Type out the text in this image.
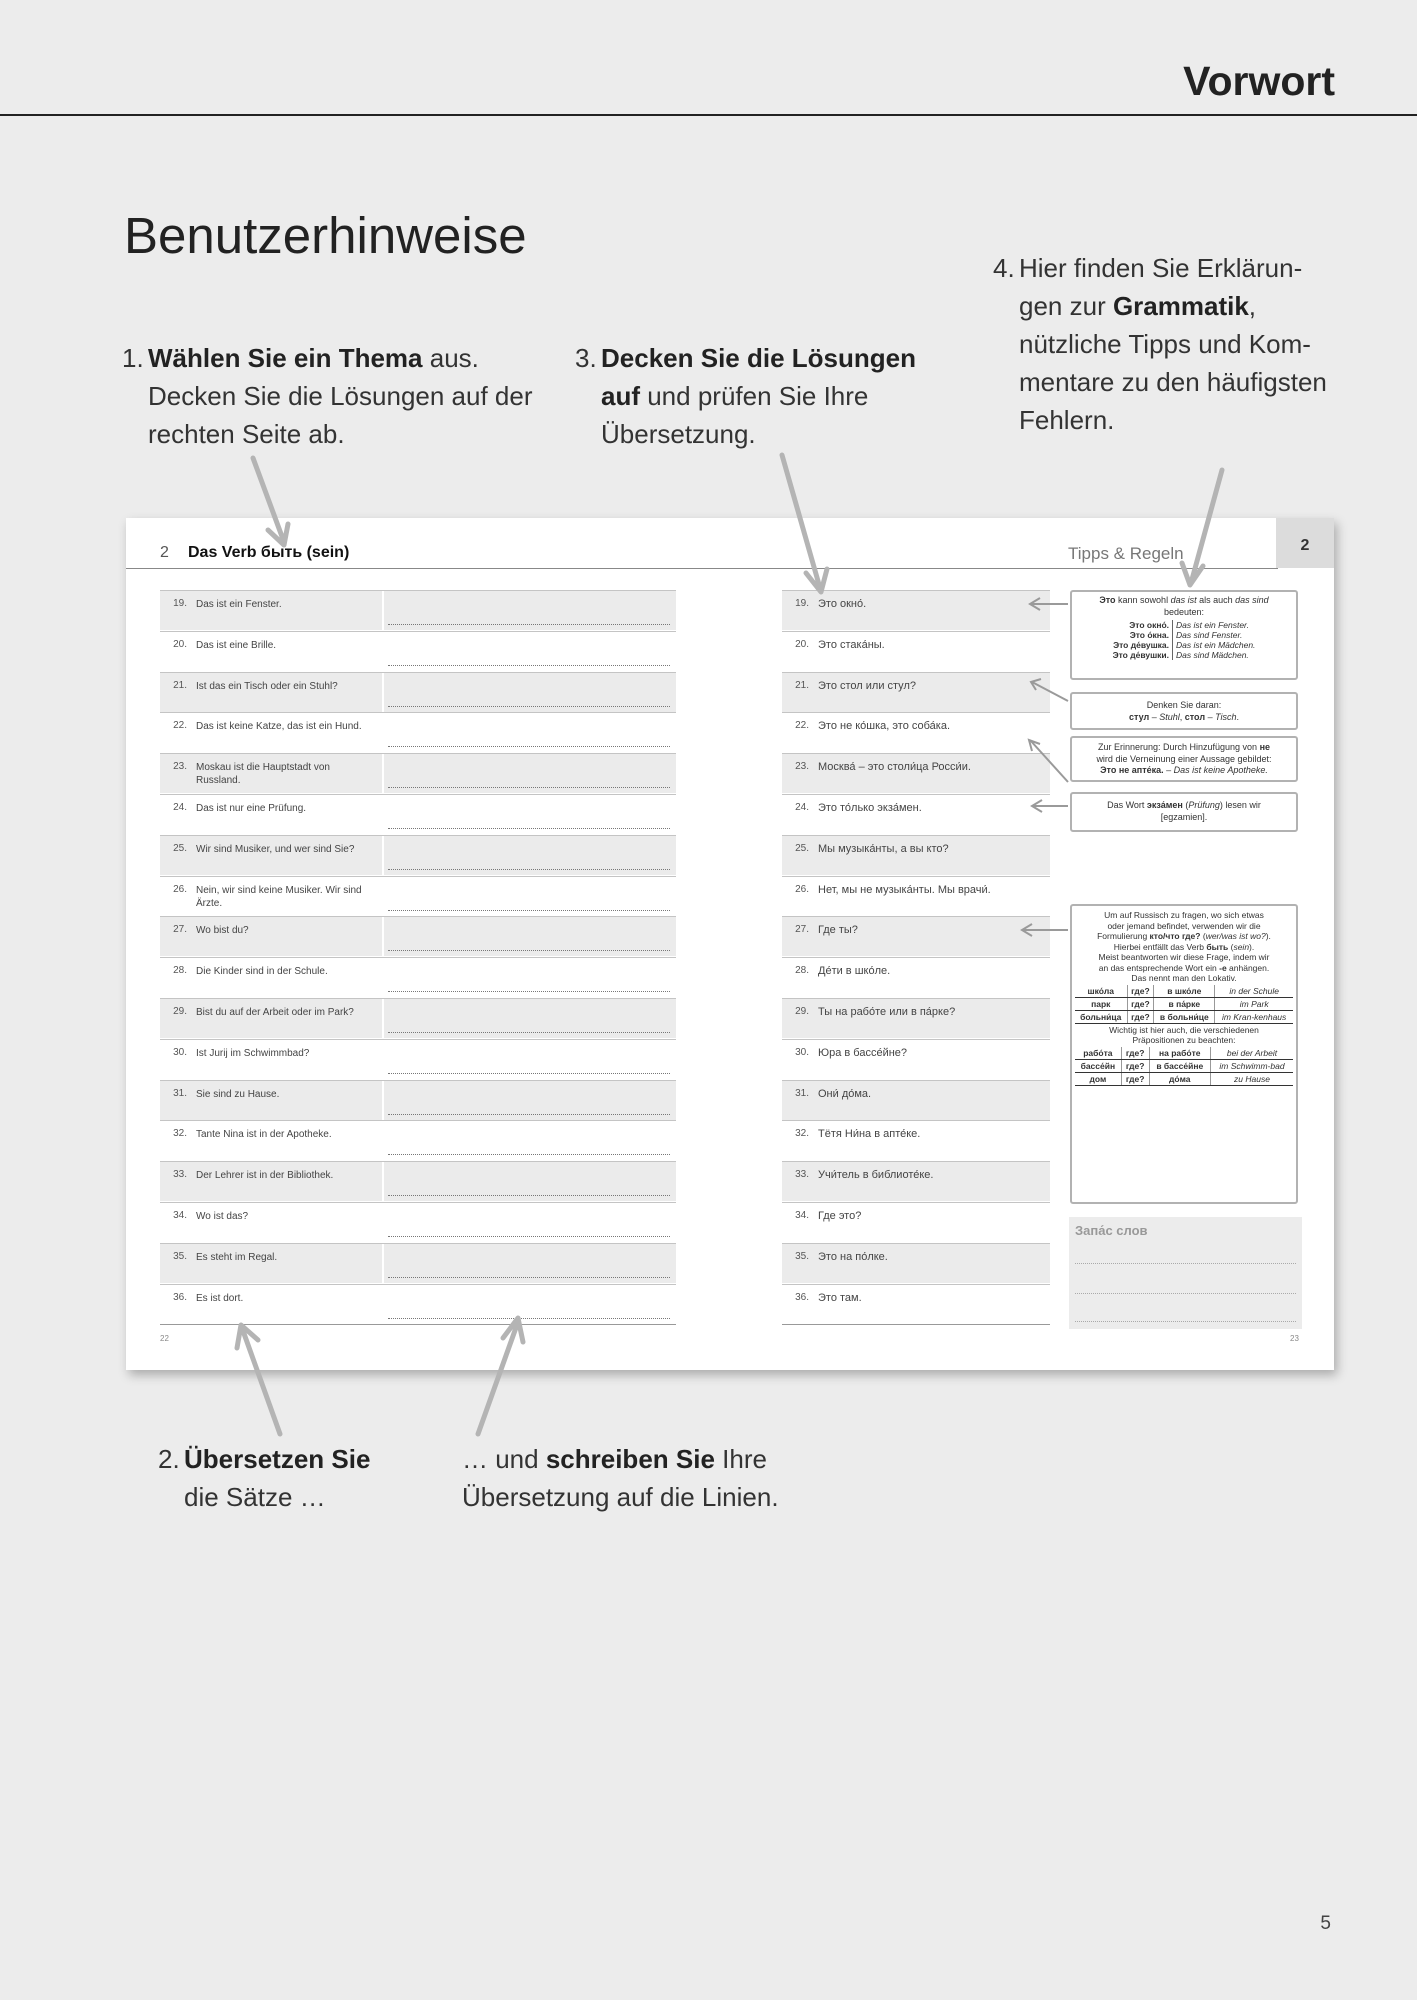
Vorwort
Benutzerhinweise
1. Wählen Sie ein Thema aus.
Decken Sie die Lösungen auf der
rechten Seite ab.
3. Decken Sie die Lösungen
auf und prüfen Sie Ihre
Übersetzung.
4. Hier finden Sie Erklärun-
gen zur Grammatik,
nützliche Tipps und Kom-
mentare zu den häufigsten
Fehlern.
2. Übersetzen Sie
die Sätze …
… und schreiben Sie Ihre
Übersetzung auf die Linien.
2 Das Verb быть (sein)	Tipps & Regeln	2
19. Das ist ein Fenster.
20. Das ist eine Brille.
21. Ist das ein Tisch oder ein Stuhl?
22. Das ist keine Katze, das ist ein Hund.
23. Moskau ist die Hauptstadt von Russland.
24. Das ist nur eine Prüfung.
25. Wir sind Musiker, und wer sind Sie?
26. Nein, wir sind keine Musiker. Wir sind Ärzte.
27. Wo bist du?
28. Die Kinder sind in der Schule.
29. Bist du auf der Arbeit oder im Park?
30. Ist Jurij im Schwimmbad?
31. Sie sind zu Hause.
32. Tante Nina ist in der Apotheke.
33. Der Lehrer ist in der Bibliothek.
34. Wo ist das?
35. Es steht im Regal.
36. Es ist dort.
19. Это окно́.
20. Это стака́ны.
21. Это стол или стул?
22. Это не ко́шка, это соба́ка.
23. Москва́ – это столи́ца Росси́и.
24. Это то́лько экза́мен.
25. Мы музыка́нты, а вы кто?
26. Нет, мы не музыка́нты. Мы врачи́.
27. Где ты?
28. Де́ти в шко́ле.
29. Ты на рабо́те или в па́рке?
30. Юра в бассе́йне?
31. Они́ до́ма.
32. Тётя Ни́на в апте́ке.
33. Учи́тель в библиоте́ке.
34. Где это?
35. Это на по́лке.
36. Это там.
Это kann sowohl das ist als auch das sind
bedeuten:
Это окно́.	Das ist ein Fenster.
Это о́кна.	Das sind Fenster.
Это де́вушка.	Das ist ein Mädchen.
Это де́вушки.	Das sind Mädchen.
Denken Sie daran:
стул – Stuhl, стол – Tisch.
Zur Erinnerung: Durch Hinzufügung von не
wird die Verneinung einer Aussage gebildet:
Это не апте́ка. – Das ist keine Apotheke.
Das Wort экза́мен (Prüfung) lesen wir
[egzamien].
Um auf Russisch zu fragen, wo sich etwas
oder jemand befindet, verwenden wir die
Formulierung кто/что где? (wer/was ist wo?).
Hierbei entfällt das Verb быть (sein).
Meist beantworten wir diese Frage, indem wir
an das entsprechende Wort ein -е anhängen.
Das nennt man den Lokativ.
шко́ла	где?	в шко́ле	in der Schule
парк	где?	в па́рке	im Park
больни́ца	где?	в больни́це	im Kran-kenhaus
Wichtig ist hier auch, die verschiedenen
Präpositionen zu beachten:
рабо́та	где?	на рабо́те	bei der Arbeit
бассе́йн	где?	в бассе́йне	im Schwimm-bad
дом	где?	до́ма	zu Hause
Запа́с слов
22	23
5
